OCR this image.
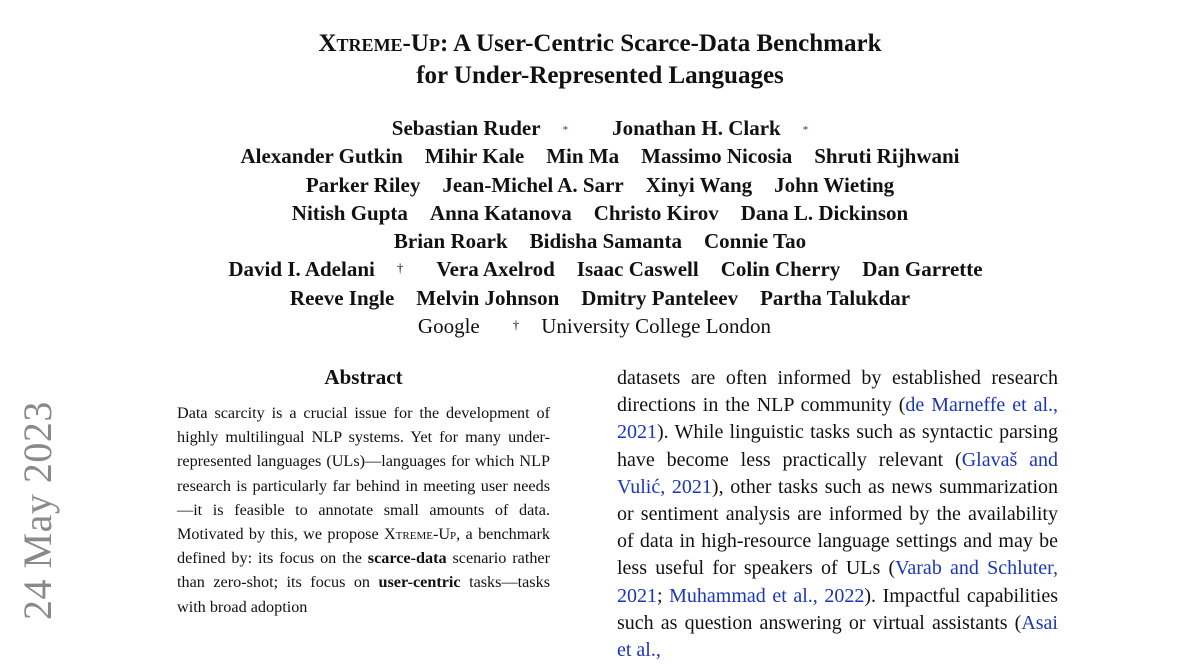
24 May 2023
Xtreme-Up: A User-Centric Scarce-Data Benchmark
for Under-Represented Languages
Sebastian Ruder * Jonathan H. Clark *
Alexander Gutkin Mihir Kale Min Ma Massimo Nicosia Shruti Rijhwani
Parker Riley Jean-Michel A. Sarr Xinyi Wang John Wieting
Nitish Gupta Anna Katanova Christo Kirov Dana L. Dickinson
Brian Roark Bidisha Samanta Connie Tao
David I. Adelani † Vera Axelrod Isaac Caswell Colin Cherry Dan Garrette
Reeve Ingle Melvin Johnson Dmitry Panteleev Partha Talukdar
Google	† University College London
Abstract

Data scarcity is a crucial issue for the development of highly multilingual NLP systems. Yet for many under-represented languages (ULs)—languages for which NLP research is particularly far behind in meeting user needs—it is feasible to annotate small amounts of data. Motivated by this, we propose Xtreme-Up, a benchmark defined by: its focus on the scarce-data scenario rather than zero-shot; its focus on user-centric tasks—tasks with broad adoption

datasets are often informed by established research directions in the NLP community (de Marneffe et al., 2021). While linguistic tasks such as syntactic parsing have become less practically relevant (Glavaš and Vulić, 2021), other tasks such as news summarization or sentiment analysis are informed by the availability of data in high-resource language settings and may be less useful for speakers of ULs (Varab and Schluter, 2021; Muhammad et al., 2022). Impactful capabilities such as question answering or virtual assistants (Asai et al.,
